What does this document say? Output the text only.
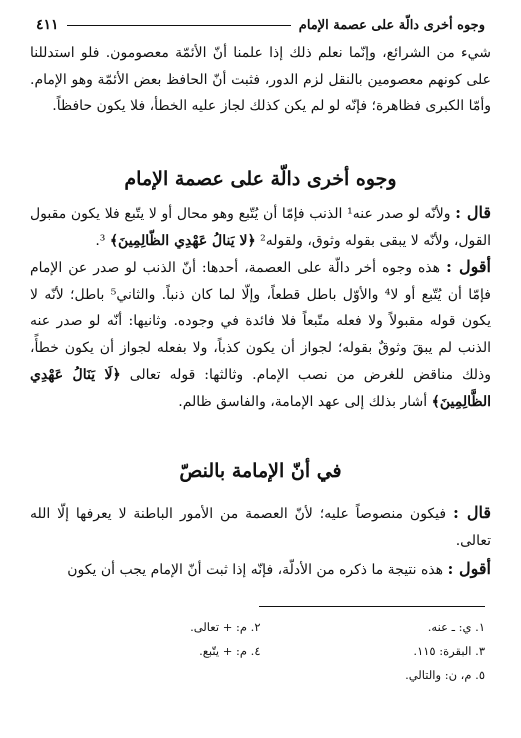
وجوه أخرى دالّة على عصمة الإمام
٤١١

شيء من الشرائع، وإنّما نعلم ذلك إذا علمنا أنّ الأئمّة معصومون. فلو استدللنا على كونهم معصومين بالنقل لزم الدور، فثبت أنّ الحافظ بعض الأئمّة وهو الإمام. وأمّا الكبرى فظاهرة؛ فإنّه لو لم يكن كذلك لجاز عليه الخطأ، فلا يكون حافظاً.

وجوه أخرى دالّة على عصمة الإمام

قال : ولأنّه لو صدر عنه¹ الذنب فإمّا أن يُتّبع وهو محال أو لا يتّبع فلا يكون مقبول القول، ولأنّه لا يبقى بقوله وثوق، ولقوله² ﴿لا يَنالُ عَهْدِي الظّالِمِينَ﴾ ³.

أقول : هذه وجوه أخر دالّة على العصمة، أحدها: أنّ الذنب لو صدر عن الإمام فإمّا أن يُتّبع أو لا⁴ والأوّل باطل قطعاً، وإلّا لما كان ذنباً. والثاني⁵ باطل؛ لأنّه لا يكون قوله مقبولاً ولا فعله متّبعاً فلا فائدة في وجوده. وثانيها: أنّه لو صدر عنه الذنب لم يبقَ وثوقٌ بقوله؛ لجواز أن يكون كذباً، ولا بفعله لجواز أن يكون خطأً، وذلك مناقض للغرض من نصب الإمام. وثالثها: قوله تعالى ﴿لَا يَنَالُ عَهْدِي الظَّالِمِينَ﴾ أشار بذلك إلى عهد الإمامة، والفاسق ظالم.

في أنّ الإمامة بالنصّ

قال : فيكون منصوصاً عليه؛ لأنّ العصمة من الأمور الباطنة لا يعرفها إلّا الله تعالى.

أقول : هذه نتيجة ما ذكره من الأدلّة، فإنّه إذا ثبت أنّ الإمام يجب أن يكون

١. ي: ـ عنه.
٢. م: + تعالى.
٣. البقرة: ١١٥.
٤. م: + يتّبع.
٥. م، ن: والتالي.
